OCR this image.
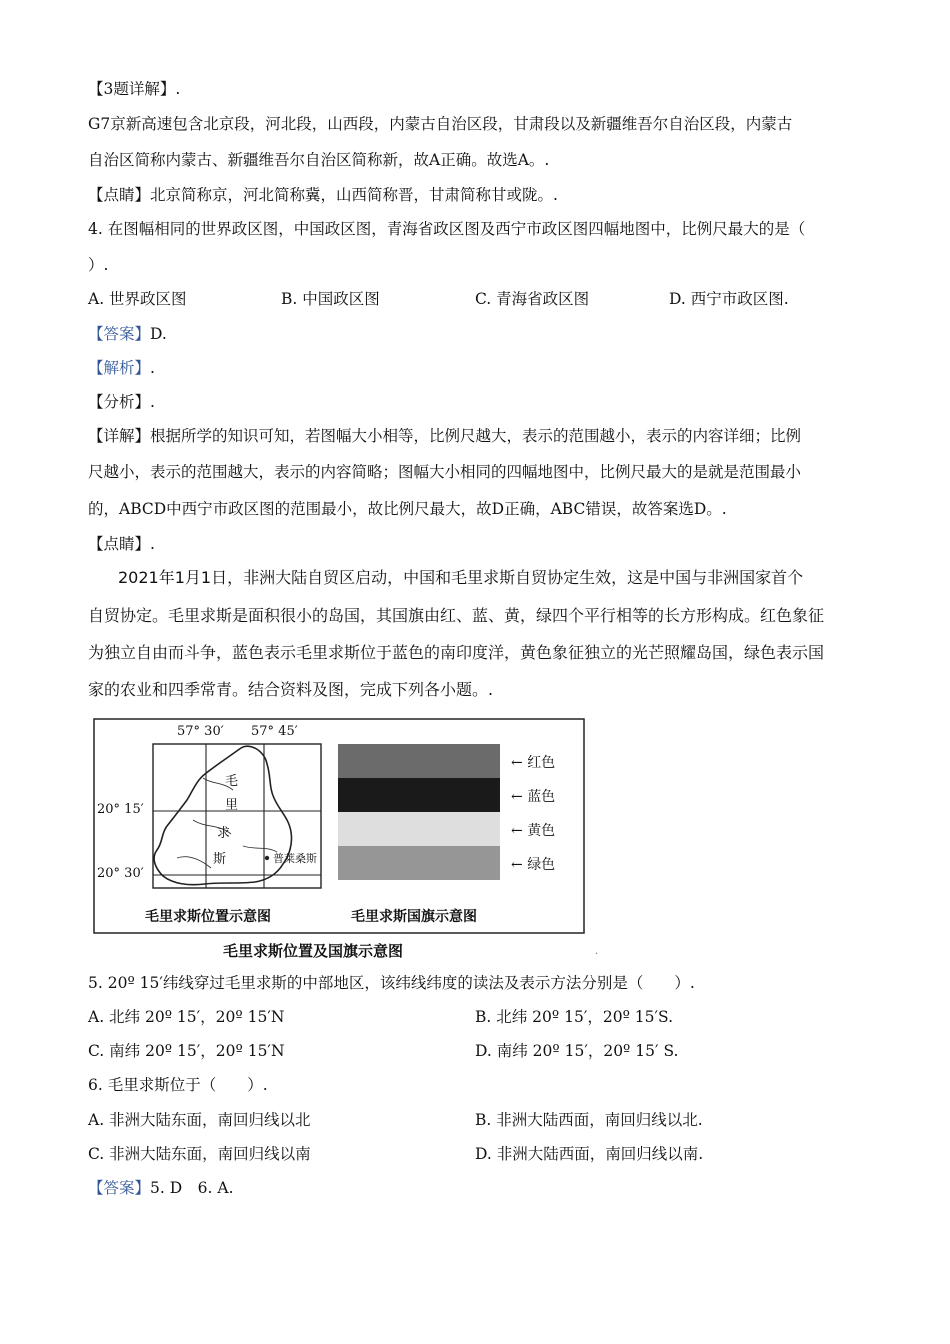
【3题详解】.
G7京新高速包含北京段，河北段，山西段，内蒙古自治区段，甘肃段以及新疆维吾尔自治区段，内蒙古
自治区简称内蒙古、新疆维吾尔自治区简称新，故A正确。故选A。.
【点睛】北京简称京，河北简称冀，山西简称晋，甘肃简称甘或陇。.
4. 在图幅相同的世界政区图，中国政区图，青海省政区图及西宁市政区图四幅地图中，比例尺最大的是（
）.
A. 世界政区图	B. 中国政区图	C. 青海省政区图	D. 西宁市政区图.
【答案】D.
【解析】.
【分析】.
【详解】根据所学的知识可知，若图幅大小相等，比例尺越大，表示的范围越小，表示的内容详细；比例
尺越小，表示的范围越大，表示的内容简略；图幅大小相同的四幅地图中，比例尺最大的是就是范围最小
的，ABCD中西宁市政区图的范围最小，故比例尺最大，故D正确，ABC错误，故答案选D。.
【点睛】.
2021年1月1日，非洲大陆自贸区启动，中国和毛里求斯自贸协定生效，这是中国与非洲国家首个
自贸协定。毛里求斯是面积很小的岛国，其国旗由红、蓝、黄，绿四个平行相等的长方形构成。红色象征
为独立自由而斗争，蓝色表示毛里求斯位于蓝色的南印度洋，黄色象征独立的光芒照耀岛国，绿色表示国
家的农业和四季常青。结合资料及图，完成下列各小题。.
57° 30′ 57° 45′
20° 15′
20° 30′
毛
里
求
斯	普莱桑斯
← 红色
← 蓝色
← 黄色
← 绿色
毛里求斯位置示意图	毛里求斯国旗示意图
毛里求斯位置及国旗示意图	.
5. 20º 15′纬线穿过毛里求斯的中部地区，该纬线纬度的读法及表示方法分别是（　　）.
A. 北纬 20º 15′，20º 15′N	B. 北纬 20º 15′，20º 15′S.
C. 南纬 20º 15′，20º 15′N	D. 南纬 20º 15′，20º 15′ S.
6. 毛里求斯位于（　　）.
A. 非洲大陆东面，南回归线以北	B. 非洲大陆西面，南回归线以北.
C. 非洲大陆东面，南回归线以南	D. 非洲大陆西面，南回归线以南.
【答案】5. D　6. A.
